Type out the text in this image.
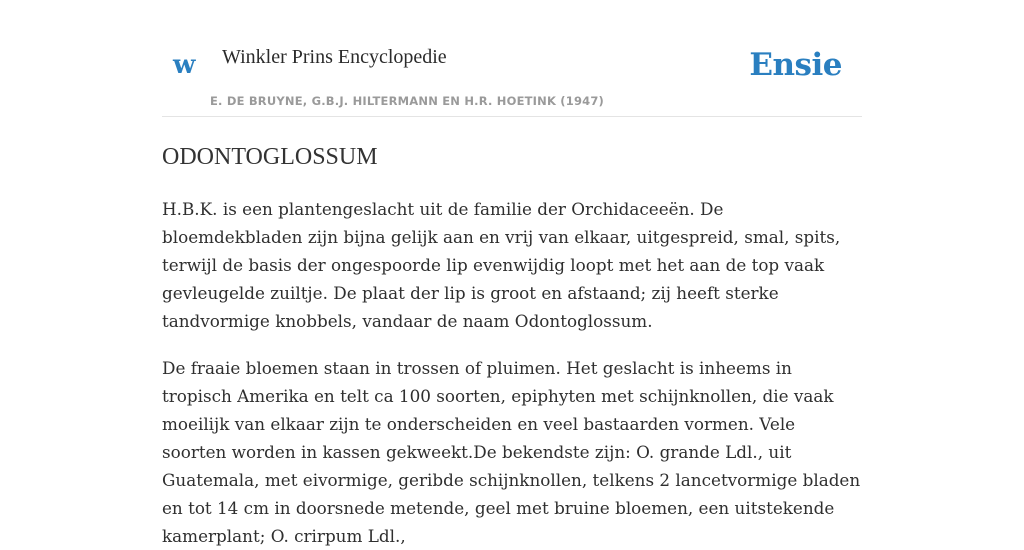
w Winkler Prins Encyclopedie
E. DE BRUYNE, G.B.J. HILTERMANN EN H.R. HOETINK (1947)
Ensie
ODONTOGLOSSUM

H.B.K. is een plantengeslacht uit de familie der Orchidaceeën. De bloemdekbladen zijn bijna gelijk aan en vrij van elkaar, uitgespreid, smal, spits, terwijl de basis der ongespoorde lip evenwijdig loopt met het aan de top vaak gevleugelde zuiltje. De plaat der lip is groot en afstaand; zij heeft sterke tandvormige knobbels, vandaar de naam Odontoglossum.

De fraaie bloemen staan in trossen of pluimen. Het geslacht is inheems in tropisch Amerika en telt ca 100 soorten, epiphyten met schijnknollen, die vaak moeilijk van elkaar zijn te onderscheiden en veel bastaarden vormen. Vele soorten worden in kassen gekweekt.De bekendste zijn: O. grande Ldl., uit Guatemala, met eivormige, geribde schijnknollen, telkens 2 lancetvormige bladen en tot 14 cm in doorsnede metende, geel met bruine bloemen, een uitstekende kamerplant; O. crirpum Ldl.,
